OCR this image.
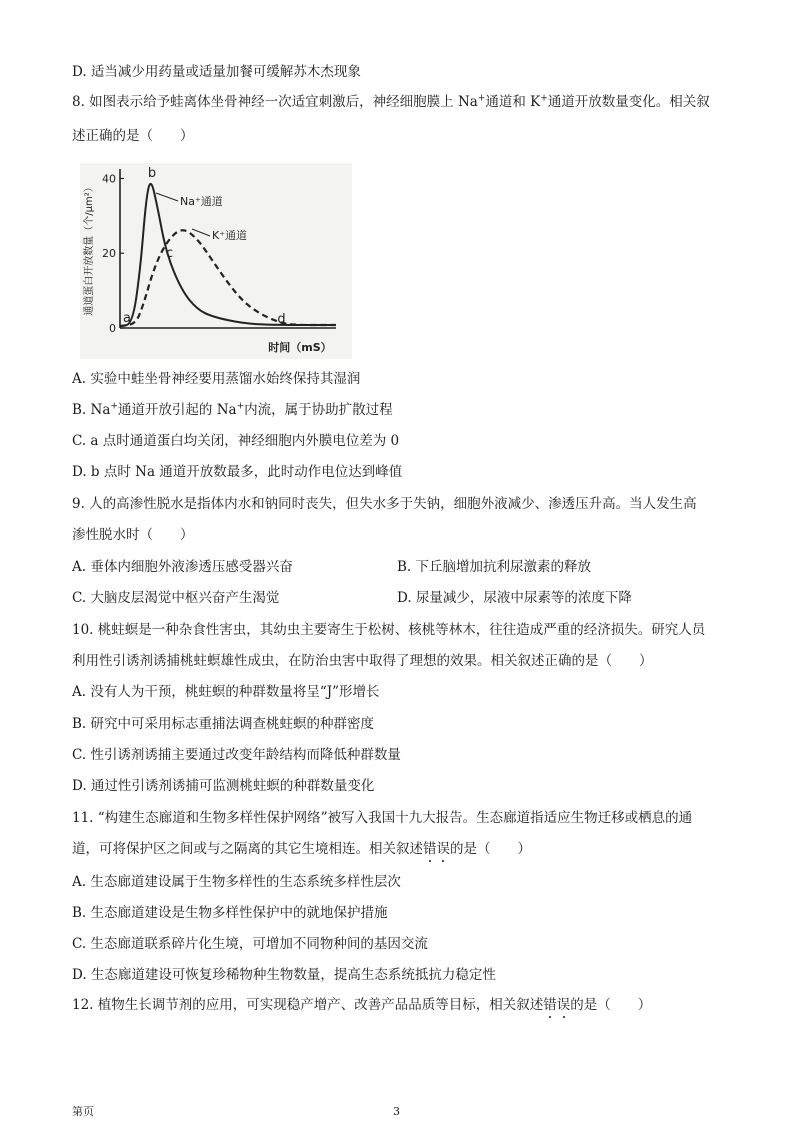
D. 适当减少用药量或适量加餐可缓解苏木杰现象
8. 如图表示给予蛙离体坐骨神经一次适宜刺激后，神经细胞膜上 Na+通道和 K+通道开放数量变化。相关叙
述正确的是（　　）
0
20
40
通道蛋白开放数量（个/μm²）
时间（mS）
Na⁺通道
K⁺通道
a
b
c
d
A. 实验中蛙坐骨神经要用蒸馏水始终保持其湿润
B. Na+通道开放引起的 Na+内流，属于协助扩散过程
C. a 点时通道蛋白均关闭，神经细胞内外膜电位差为 0
D. b 点时 Na 通道开放数最多，此时动作电位达到峰值
9. 人的高渗性脱水是指体内水和钠同时丧失，但失水多于失钠，细胞外液减少、渗透压升高。当人发生高
渗性脱水时（　　）
A. 垂体内细胞外液渗透压感受器兴奋	B. 下丘脑增加抗利尿激素的释放
C. 大脑皮层渴觉中枢兴奋产生渴觉	D. 尿量减少，尿液中尿素等的浓度下降
10. 桃蛀螟是一种杂食性害虫，其幼虫主要寄生于松树、核桃等林木，往往造成严重的经济损失。研究人员
利用性引诱剂诱捕桃蛀螟雄性成虫，在防治虫害中取得了理想的效果。相关叙述正确的是（　　）
A. 没有人为干预，桃蛀螟的种群数量将呈“J”形增长
B. 研究中可采用标志重捕法调查桃蛀螟的种群密度
C. 性引诱剂诱捕主要通过改变年龄结构而降低种群数量
D. 通过性引诱剂诱捕可监测桃蛀螟的种群数量变化
11. “构建生态廊道和生物多样性保护网络”被写入我国十九大报告。生态廊道指适应生物迁移或栖息的通
道，可将保护区之间或与之隔离的其它生境相连。相关叙述错误的是（　　）
A. 生态廊道建设属于生物多样性的生态系统多样性层次
B. 生态廊道建设是生物多样性保护中的就地保护措施
C. 生态廊道联系碎片化生境，可增加不同物种间的基因交流
D. 生态廊道建设可恢复珍稀物种生物数量，提高生态系统抵抗力稳定性
12. 植物生长调节剂的应用，可实现稳产增产、改善产品品质等目标，相关叙述错误的是（　　）
第页	3
